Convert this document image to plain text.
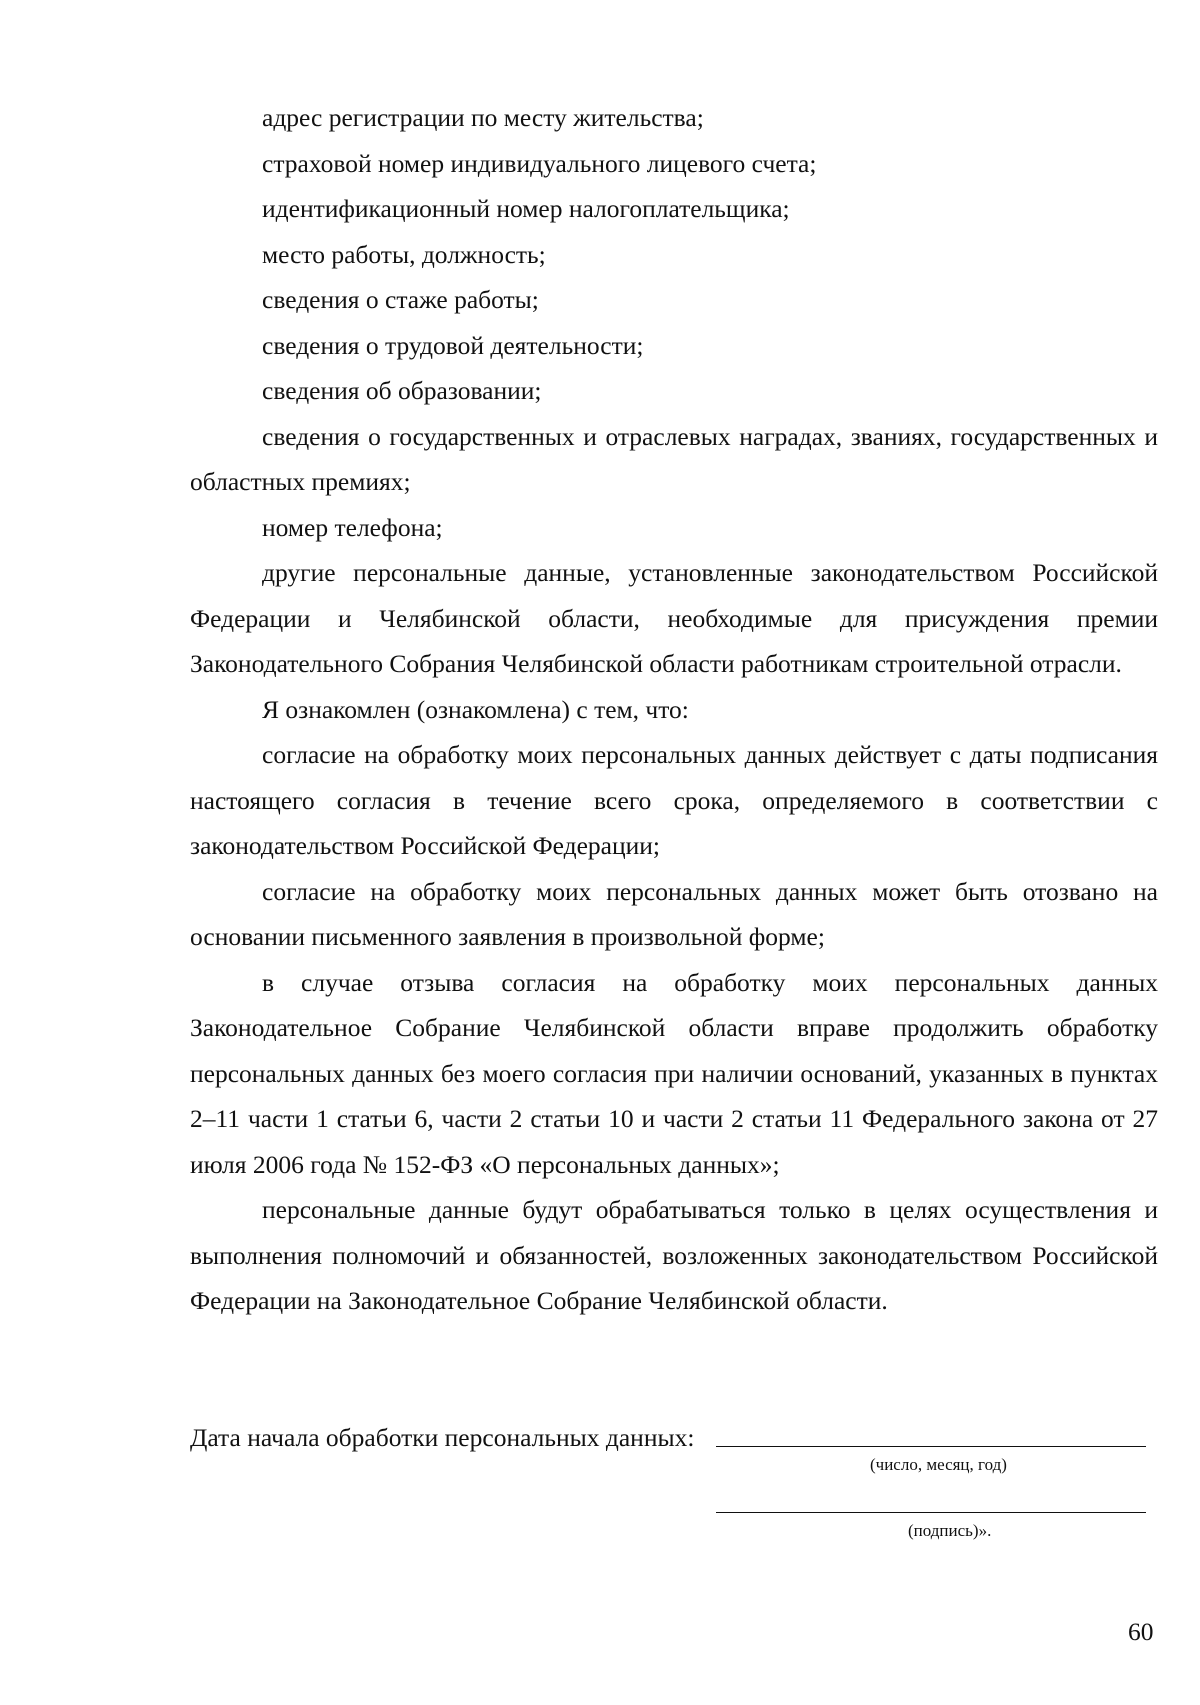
адрес регистрации по месту жительства;

страховой номер индивидуального лицевого счета;

идентификационный номер налогоплательщика;

место работы, должность;

сведения о стаже работы;

сведения о трудовой деятельности;

сведения об образовании;

сведения о государственных и отраслевых наградах, званиях, государственных и областных премиях;

номер телефона;

другие персональные данные, установленные законодательством Российской Федерации и Челябинской области, необходимые для присуждения премии Законодательного Собрания Челябинской области работникам строительной отрасли.

Я ознакомлен (ознакомлена) с тем, что:

согласие на обработку моих персональных данных действует с даты подписания настоящего согласия в течение всего срока, определяемого в соответствии с законодательством Российской Федерации;

согласие на обработку моих персональных данных может быть отозвано на основании письменного заявления в произвольной форме;

в случае отзыва согласия на обработку моих персональных данных Законодательное Собрание Челябинской области вправе продолжить обработку персональных данных без моего согласия при наличии оснований, указанных в пунктах 2–11 части 1 статьи 6, части 2 статьи 10 и части 2 статьи 11 Федерального закона от 27 июля 2006 года № 152-ФЗ «О персональных данных»;

персональные данные будут обрабатываться только в целях осуществления и выполнения полномочий и обязанностей, возложенных законодательством Российской Федерации на Законодательное Собрание Челябинской области.

Дата начала обработки персональных данных:
(число, месяц, год)
(подпись)».
60
